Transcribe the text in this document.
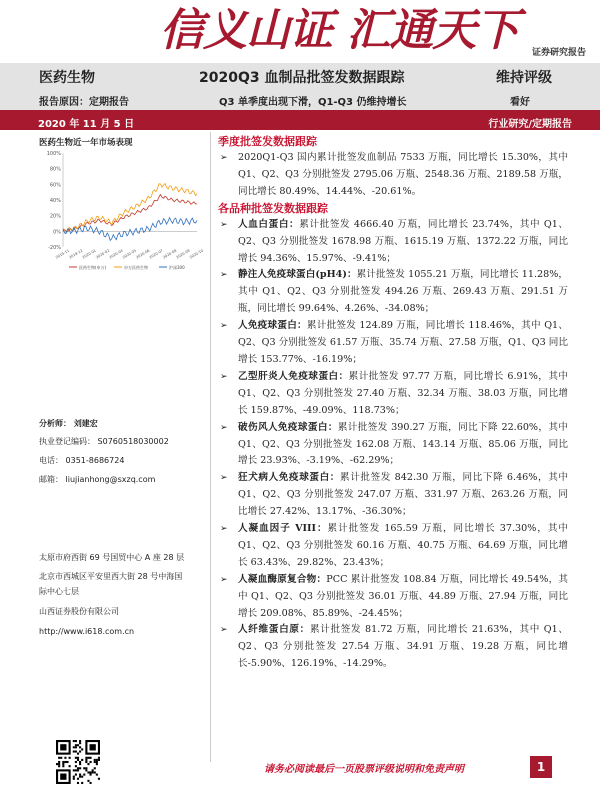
信义山证 汇通天下 证券研究报告
医药生物	2020Q3 血制品批签发数据跟踪	维持评级
报告原因：定期报告	Q3 单季度出现下滑，Q1-Q3 仍维持增长	看好
2020 年 11 月 5 日	行业研究/定期报告
医药生物近一年市场表现
100%
80%
60%
40%
20%
0%
-20%
2019-11
2019-12
2020-01
2020-02
2020-04
2020-05
2020-06
2020-07
2020-08
2020-09
2020-10
医药生物(申万)	申万医药生物	沪深300
分析师： 刘建宏
执业登记编码： S0760518030002
电话： 0351-8686724
邮箱： liujianhong@sxzq.com
太原市府西街 69 号国贸中心 A 座 28 层
北京市西城区平安里西大街 28 号中海国
际中心七层
山西证券股份有限公司
http://www.i618.com.cn

季度批签发数据跟踪

➢ 2020Q1-Q3 国内累计批签发血制品 7533 万瓶，同比增长 15.30%，其中 Q1、Q2、Q3 分别批签发 2795.06 万瓶、2548.36 万瓶、2189.58 万瓶，同比增长 80.49%、14.44%、-20.61%。

各品种批签发数据跟踪

➢ 人血白蛋白：累计批签发 4666.40 万瓶，同比增长 23.74%，其中 Q1、Q2、Q3 分别批签发 1678.98 万瓶、1615.19 万瓶、1372.22 万瓶，同比增长 94.36%、15.97%、-9.41%；

➢ 静注人免疫球蛋白(pH4)：累计批签发 1055.21 万瓶，同比增长 11.28%，其中 Q1、Q2、Q3 分别批签发 494.26 万瓶、269.43 万瓶、291.51 万瓶，同比增长 99.64%、4.26%、-34.08%；

➢ 人免疫球蛋白：累计批签发 124.89 万瓶，同比增长 118.46%，其中 Q1、Q2、Q3 分别批签发 61.57 万瓶、35.74 万瓶、27.58 万瓶，Q1、Q3 同比增长 153.77%、-16.19%；

➢ 乙型肝炎人免疫球蛋白：累计批签发 97.77 万瓶，同比增长 6.91%，其中 Q1、Q2、Q3 分别批签发 27.40 万瓶、32.34 万瓶、38.03 万瓶，同比增长 159.87%、-49.09%、118.73%；

➢ 破伤风人免疫球蛋白：累计批签发 390.27 万瓶，同比下降 22.60%，其中 Q1、Q2、Q3 分别批签发 162.08 万瓶、143.14 万瓶、85.06 万瓶，同比增长 23.93%、-3.19%、-62.29%；

➢ 狂犬病人免疫球蛋白：累计批签发 842.30 万瓶，同比下降 6.46%，其中 Q1、Q2、Q3 分别批签发 247.07 万瓶、331.97 万瓶、263.26 万瓶，同比增长 27.42%、13.17%、-36.30%；

➢ 人凝血因子 VIII：累计批签发 165.59 万瓶，同比增长 37.30%，其中 Q1、Q2、Q3 分别批签发 60.16 万瓶、40.75 万瓶、64.69 万瓶，同比增长 63.43%、29.82%、23.43%；

➢ 人凝血酶原复合物：PCC 累计批签发 108.84 万瓶，同比增长 49.54%，其中 Q1、Q2、Q3 分别批签发 36.01 万瓶、44.89 万瓶、27.94 万瓶，同比增长 209.08%、85.89%、-24.45%；

➢ 人纤维蛋白原：累计批签发 81.72 万瓶，同比增长 21.63%，其中 Q1、Q2、Q3 分别批签发 27.54 万瓶、34.91 万瓶、19.28 万瓶，同比增长-5.90%、126.19%、-14.29%。

请务必阅读最后一页股票评级说明和免责声明	1
